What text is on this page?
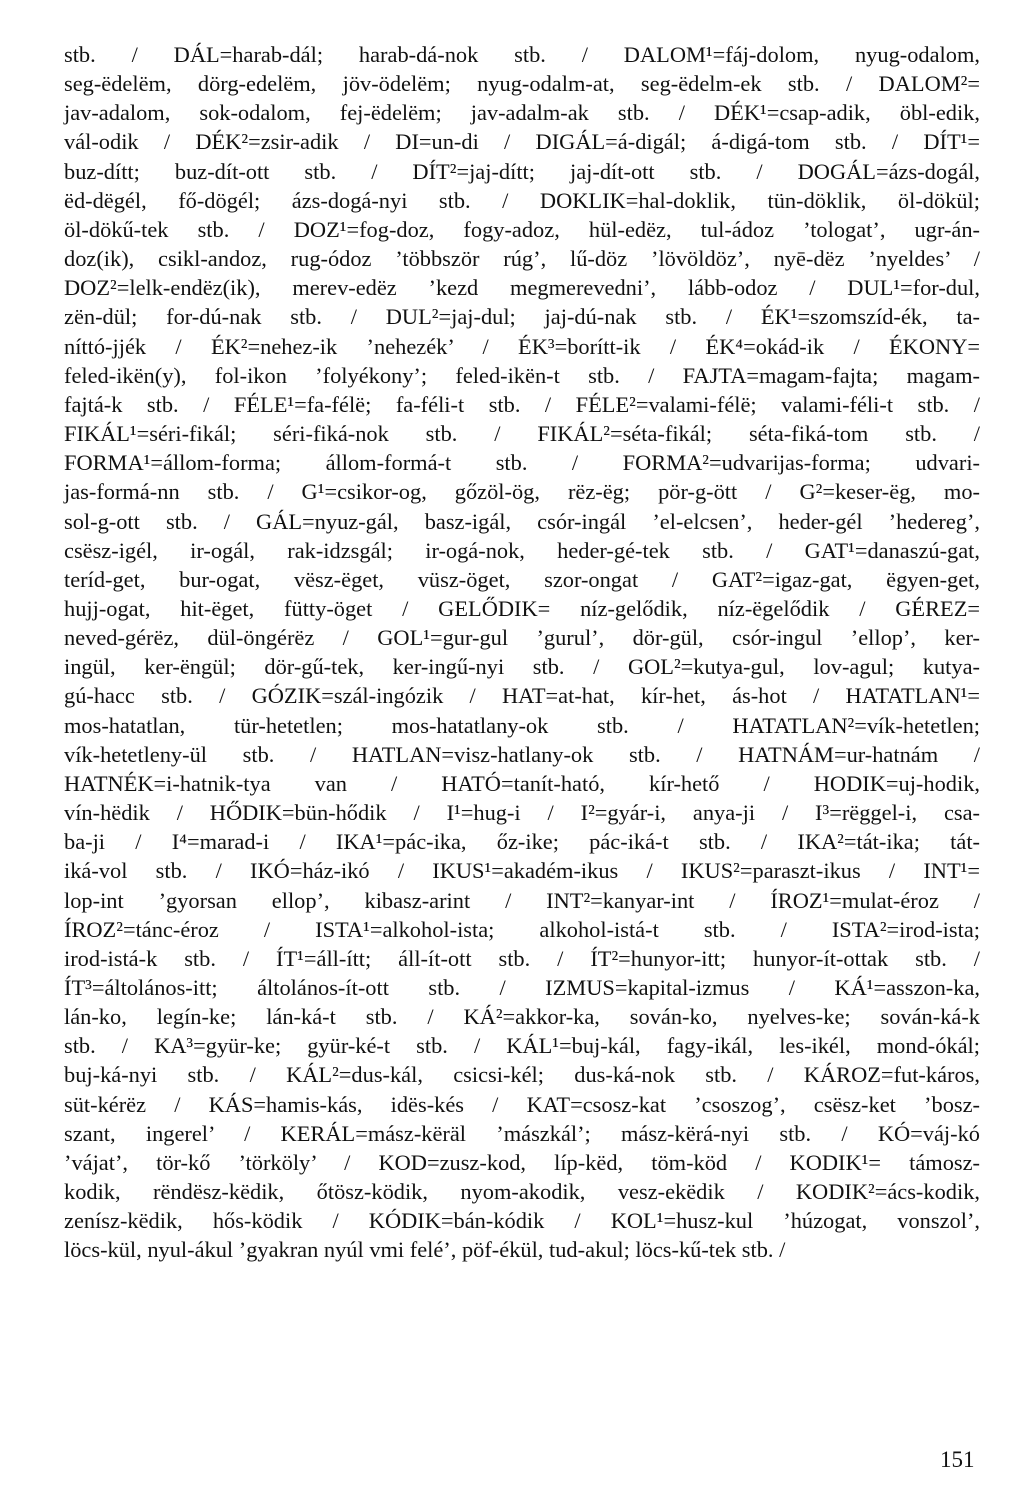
stb. / DÁL=harab-dál; harab-dá-nok stb. / DALOM¹=fáj-dolom, nyug-odalom,
seg-ëdelëm, dörg-edelëm, jöv-ödelëm; nyug-odalm-at, seg-ëdelm-ek stb. / DALOM²=
jav-adalom, sok-odalom, fej-ëdelëm; jav-adalm-ak stb. / DÉK¹=csap-adik, öbl-edik,
vál-odik / DÉK²=zsir-adik / DI=un-di / DIGÁL=á-digál; á-digá-tom stb. / DÍT¹=
buz-dítt; buz-dít-ott stb. / DÍT²=jaj-dítt; jaj-dít-ott stb. / DOGÁL=ázs-dogál,
ëd-dëgél, fő-dögél; ázs-dogá-nyi stb. / DOKLIK=hal-doklik, tün-döklik, öl-dökül;
öl-dökű-tek stb. / DOZ¹=fog-doz, fogy-adoz, hül-edëz, tul-ádoz ’tologat’, ugr-án-
doz(ik), csikl-andoz, rug-ódoz ’többször rúg’, lű-döz ’lövöldöz’, nyē-dëz ’nyeldes’ /
DOZ²=lelk-endëz(ik), merev-edëz ’kezd megmerevedni’, lább-odoz / DUL¹=for-dul,
zën-dül; for-dú-nak stb. / DUL²=jaj-dul; jaj-dú-nak stb. / ÉK¹=szomszíd-ék, ta-
níttó-jjék / ÉK²=nehez-ik ’nehezék’ / ÉK³=borítt-ik / ÉK⁴=okád-ik / ÉKONY=
feled-ikën(y), fol-ikon ’folyékony’; feled-ikën-t stb. / FAJTA=magam-fajta; magam-
fajtá-k stb. / FÉLE¹=fa-félë; fa-féli-t stb. / FÉLE²=valami-félë; valami-féli-t stb. /
FIKÁL¹=séri-fikál; séri-fiká-nok stb. / FIKÁL²=séta-fikál; séta-fiká-tom stb. /
FORMA¹=állom-forma; állom-formá-t stb. / FORMA²=udvarijas-forma; udvari-
jas-formá-nn stb. / G¹=csikor-og, gőzöl-ög, rëz-ëg; pör-g-ött / G²=keser-ëg, mo-
sol-g-ott stb. / GÁL=nyuz-gál, basz-igál, csór-ingál ’el-elcsen’, heder-gél ’hedereg’,
csësz-igél, ir-ogál, rak-idzsgál; ir-ogá-nok, heder-gé-tek stb. / GAT¹=danaszú-gat,
teríd-get, bur-ogat, vësz-ëget, vüsz-öget, szor-ongat / GAT²=igaz-gat, ëgyen-get,
hujj-ogat, hit-ëget, fütty-öget / GELŐDIK= níz-gelődik, níz-ëgelődik / GÉREZ=
neved-gérëz, dül-öngérëz / GOL¹=gur-gul ’gurul’, dör-gül, csór-ingul ’ellop’, ker-
ingül, ker-ëngül; dör-gű-tek, ker-ingű-nyi stb. / GOL²=kutya-gul, lov-agul; kutya-
gú-hacc stb. / GÓZIK=szál-ingózik / HAT=at-hat, kír-het, ás-hot / HATATLAN¹=
mos-hatatlan, tür-hetetlen; mos-hatatlany-ok stb. / HATATLAN²=vík-hetetlen;
vík-hetetleny-ül stb. / HATLAN=visz-hatlany-ok stb. / HATNÁM=ur-hatnám /
HATNÉK=i-hatnik-tya van / HATÓ=tanít-ható, kír-hető / HODIK=uj-hodik,
vín-hëdik / HŐDIK=bün-hődik / I¹=hug-i / I²=gyár-i, anya-ji / I³=rëggel-i, csa-
ba-ji / I⁴=marad-i / IKA¹=pác-ika, őz-ike; pác-iká-t stb. / IKA²=tát-ika; tát-
iká-vol stb. / IKÓ=ház-ikó / IKUS¹=akadém-ikus / IKUS²=paraszt-ikus / INT¹=
lop-int ’gyorsan ellop’, kibasz-arint / INT²=kanyar-int / ÍROZ¹=mulat-éroz /
ÍROZ²=tánc-éroz / ISTA¹=alkohol-ista; alkohol-istá-t stb. / ISTA²=irod-ista;
irod-istá-k stb. / ÍT¹=áll-ítt; áll-ít-ott stb. / ÍT²=hunyor-itt; hunyor-ít-ottak stb. /
ÍT³=áltolános-itt; áltolános-ít-ott stb. / IZMUS=kapital-izmus / KÁ¹=asszon-ka,
lán-ko, legín-ke; lán-ká-t stb. / KÁ²=akkor-ka, sován-ko, nyelves-ke; sován-ká-k
stb. / KA³=gyür-ke; gyür-ké-t stb. / KÁL¹=buj-kál, fagy-ikál, les-ikél, mond-ókál;
buj-ká-nyi stb. / KÁL²=dus-kál, csicsi-kél; dus-ká-nok stb. / KÁROZ=fut-káros,
süt-kérëz / KÁS=hamis-kás, idës-kés / KAT=csosz-kat ’csoszog’, csësz-ket ’bosz-
szant, ingerel’ / KERÁL=mász-këräl ’mászkál’; mász-kërá-nyi stb. / KÓ=váj-kó
’vájat’, tör-kő ’törköly’ / KOD=zusz-kod, líp-këd, töm-köd / KODIK¹= támosz-
kodik, rëndësz-këdik, őtösz-ködik, nyom-akodik, vesz-ekëdik / KODIK²=ács-kodik,
zenísz-këdik, hős-ködik / KÓDIK=bán-kódik / KOL¹=husz-kul ’húzogat, vonszol’,
löcs-kül, nyul-ákul ’gyakran nyúl vmi felé’, pöf-ékül, tud-akul; löcs-kű-tek stb. /
151
